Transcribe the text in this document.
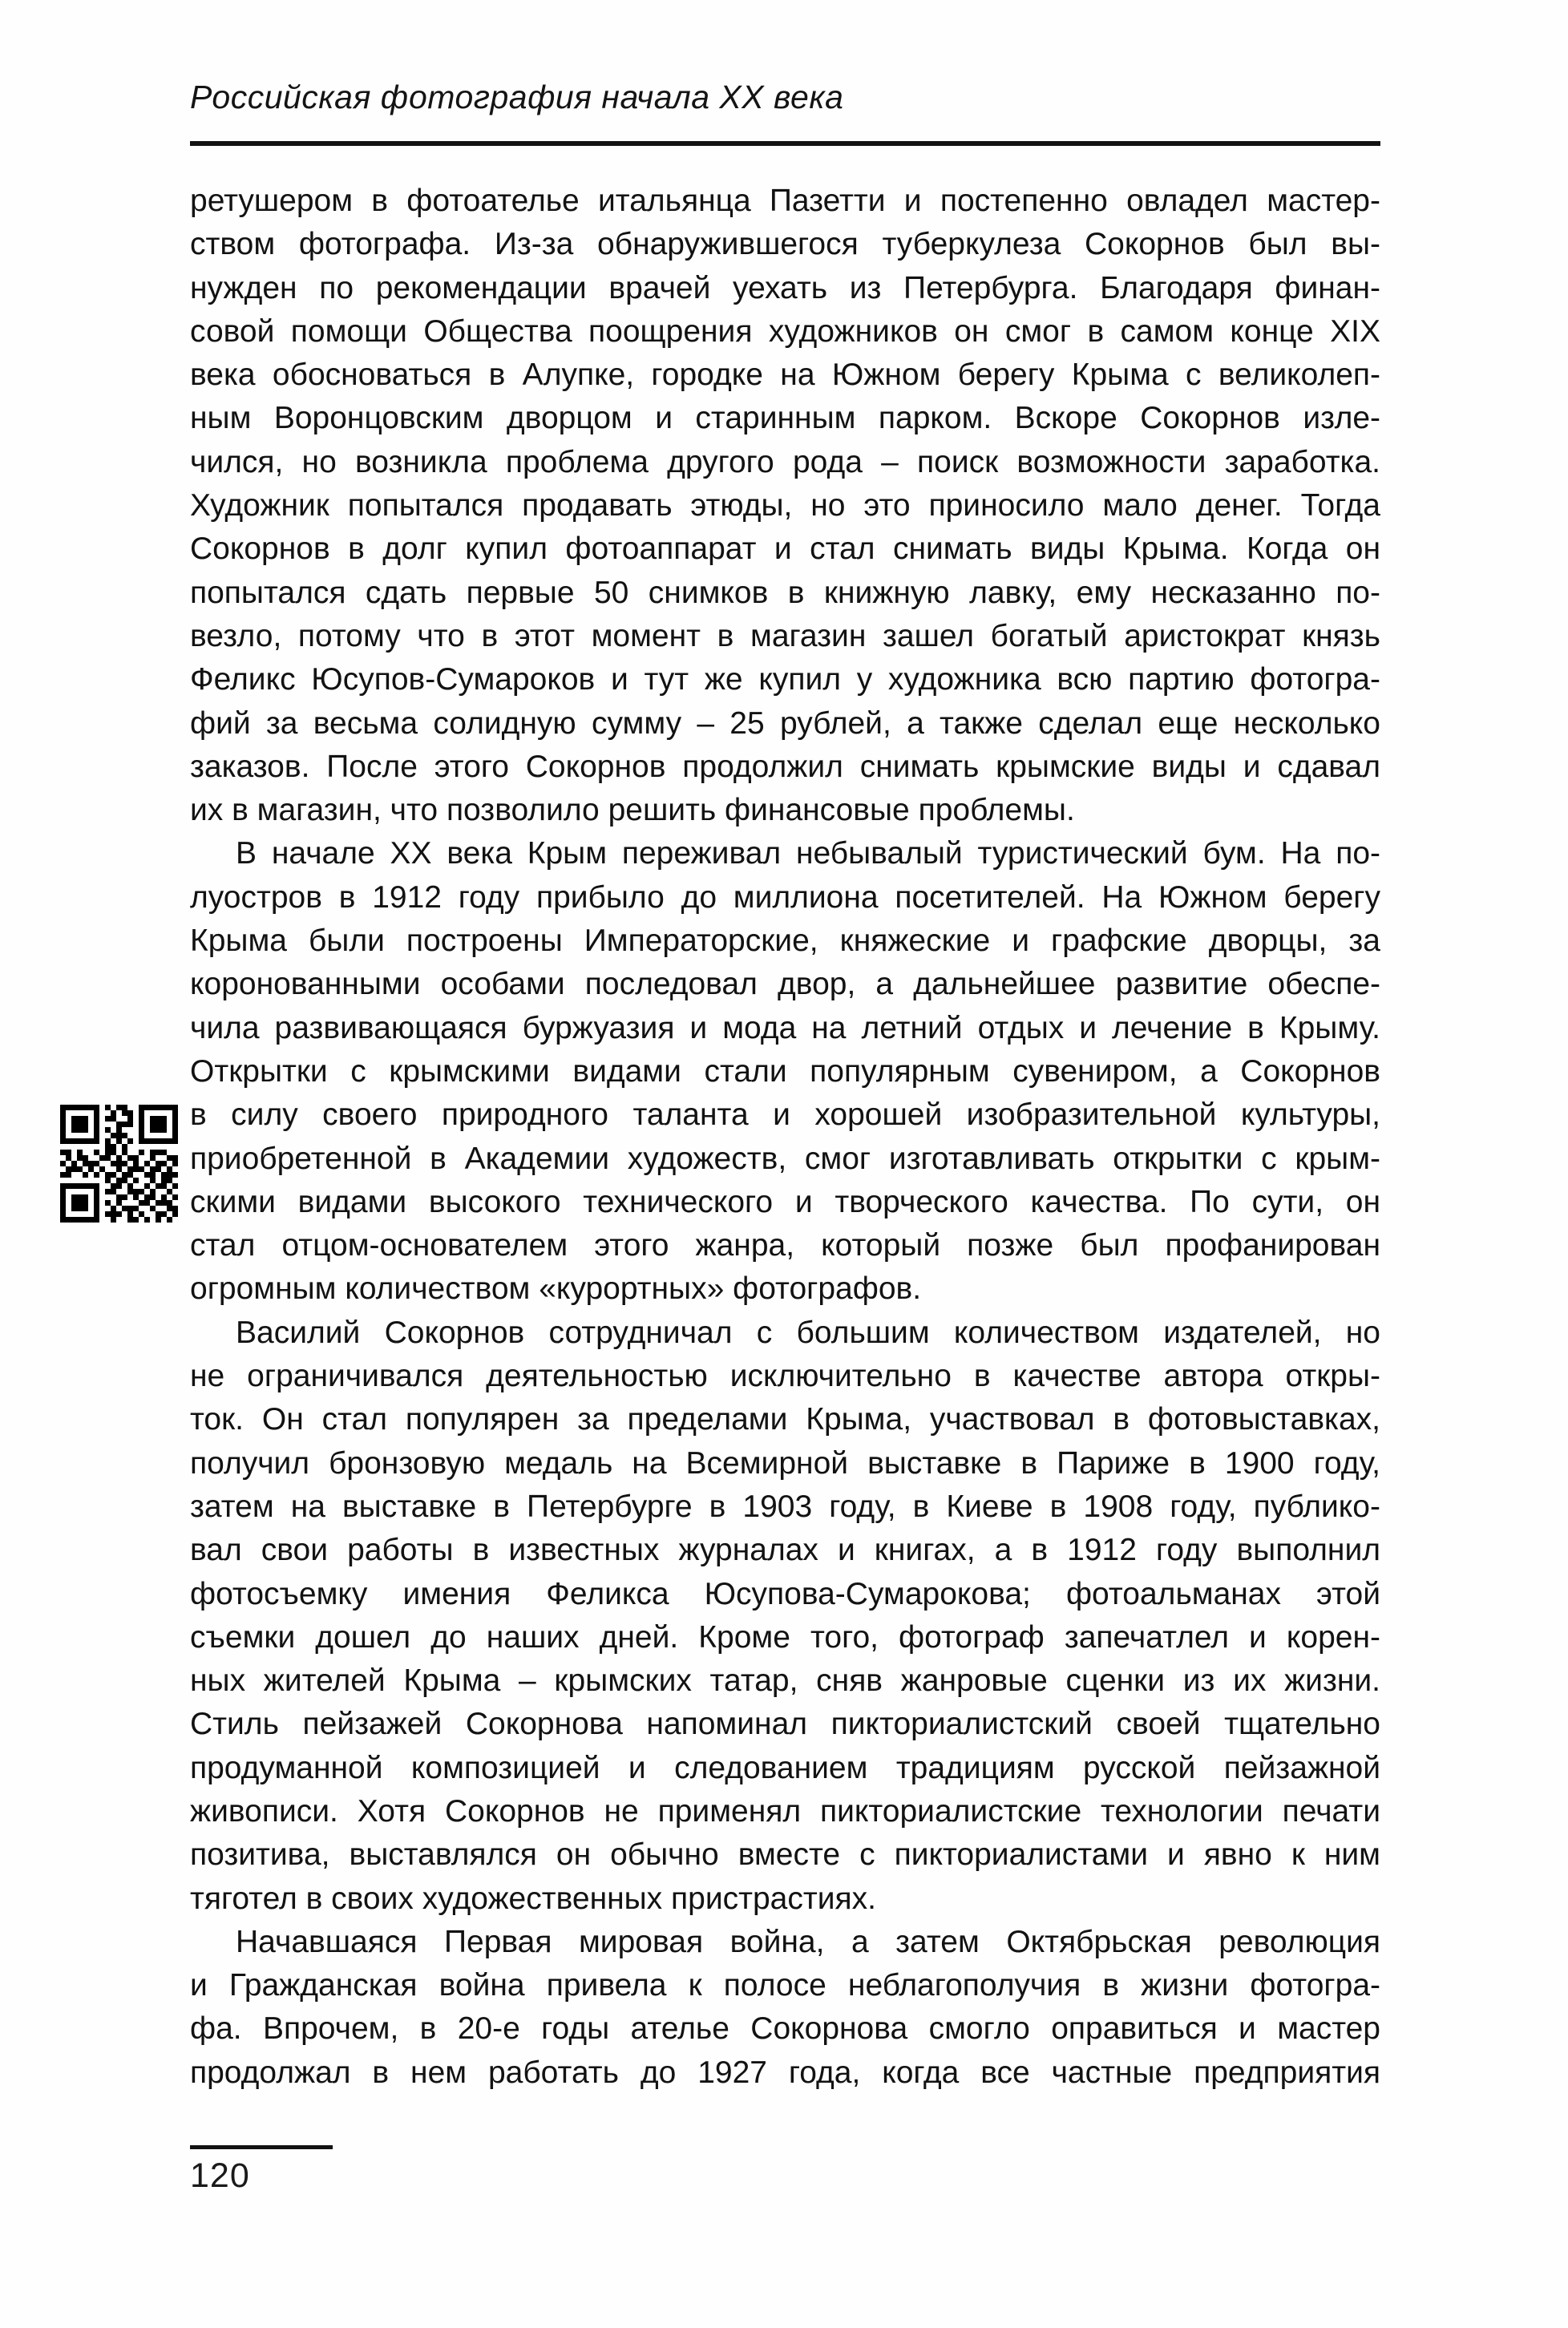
Российская фотография начала XX века
ретушером в фотоателье итальянца Пазетти и постепенно овладел мастер-
ством фотографа. Из-за обнаружившегося туберкулеза Сокорнов был вы-
нужден по рекомендации врачей уехать из Петербурга. Благодаря финан-
совой помощи Общества поощрения художников он смог в самом конце XIX
века обосноваться в Алупке, городке на Южном берегу Крыма с великолеп-
ным Воронцовским дворцом и старинным парком. Вскоре Сокорнов изле-
чился, но возникла проблема другого рода – поиск возможности заработка.
Художник попытался продавать этюды, но это приносило мало денег. Тогда
Сокорнов в долг купил фотоаппарат и стал снимать виды Крыма. Когда он
попытался сдать первые 50 снимков в книжную лавку, ему несказанно по-
везло, потому что в этот момент в магазин зашел богатый аристократ князь
Феликс Юсупов-Сумароков и тут же купил у художника всю партию фотогра-
фий за весьма солидную сумму – 25 рублей, а также сделал еще несколько
заказов. После этого Сокорнов продолжил снимать крымские виды и сдавал
их в магазин, что позволило решить финансовые проблемы.
В начале XX века Крым переживал небывалый туристический бум. На по-
луостров в 1912 году прибыло до миллиона посетителей. На Южном берегу
Крыма были построены Императорские, княжеские и графские дворцы, за
коронованными особами последовал двор, а дальнейшее развитие обеспе-
чила развивающаяся буржуазия и мода на летний отдых и лечение в Крыму.
Открытки с крымскими видами стали популярным сувениром, а Сокорнов
в силу своего природного таланта и хорошей изобразительной культуры,
приобретенной в Академии художеств, смог изготавливать открытки с крым-
скими видами высокого технического и творческого качества. По сути, он
стал отцом-основателем этого жанра, который позже был профанирован
огромным количеством «курортных» фотографов.
Василий Сокорнов сотрудничал с большим количеством издателей, но
не ограничивался деятельностью исключительно в качестве автора откры-
ток. Он стал популярен за пределами Крыма, участвовал в фотовыставках,
получил бронзовую медаль на Всемирной выставке в Париже в 1900 году,
затем на выставке в Петербурге в 1903 году, в Киеве в 1908 году, публико-
вал свои работы в известных журналах и книгах, а в 1912 году выполнил
фотосъемку имения Феликса Юсупова-Сумарокова; фотоальманах этой
съемки дошел до наших дней. Кроме того, фотограф запечатлел и корен-
ных жителей Крыма – крымских татар, сняв жанровые сценки из их жизни.
Стиль пейзажей Сокорнова напоминал пикториалистский своей тщательно
продуманной композицией и следованием традициям русской пейзажной
живописи. Хотя Сокорнов не применял пикториалистские технологии печати
позитива, выставлялся он обычно вместе с пикториалистами и явно к ним
тяготел в своих художественных пристрастиях.
Начавшаяся Первая мировая война, а затем Октябрьская революция
и Гражданская война привела к полосе неблагополучия в жизни фотогра-
фа. Впрочем, в 20-е годы ателье Сокорнова смогло оправиться и мастер
продолжал в нем работать до 1927 года, когда все частные предприятия
120
